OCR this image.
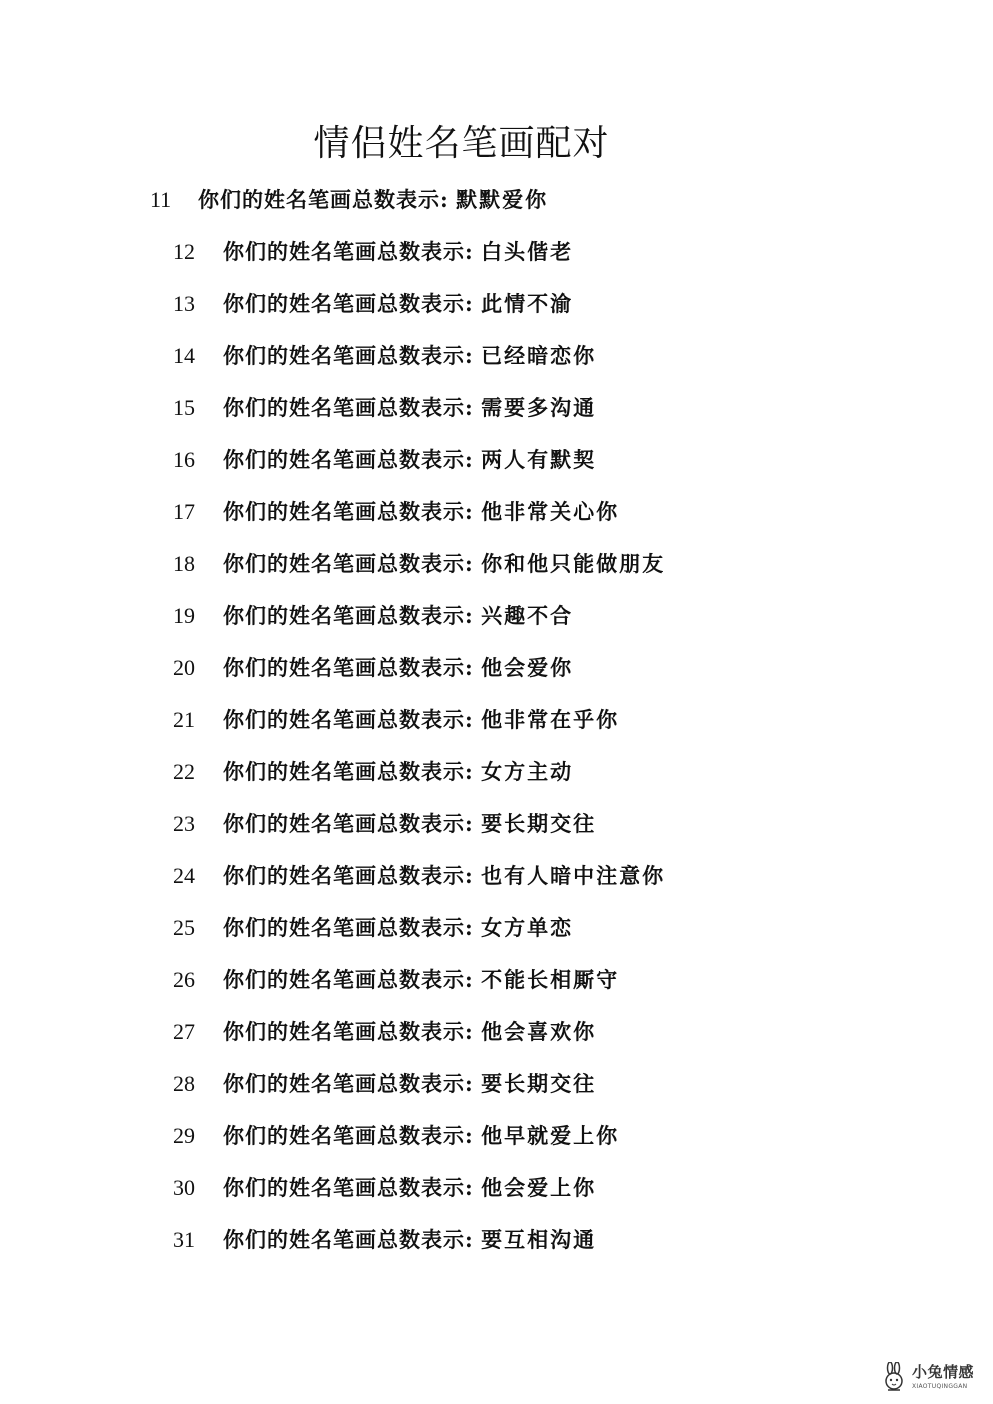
情侣姓名笔画配对
11 你们的姓名笔画总数表示: 默默爱你
12 你们的姓名笔画总数表示: 白头偕老
13 你们的姓名笔画总数表示: 此情不渝
14 你们的姓名笔画总数表示: 已经暗恋你
15 你们的姓名笔画总数表示: 需要多沟通
16 你们的姓名笔画总数表示: 两人有默契
17 你们的姓名笔画总数表示: 他非常关心你
18 你们的姓名笔画总数表示: 你和他只能做朋友
19 你们的姓名笔画总数表示: 兴趣不合
20 你们的姓名笔画总数表示: 他会爱你
21 你们的姓名笔画总数表示: 他非常在乎你
22 你们的姓名笔画总数表示: 女方主动
23 你们的姓名笔画总数表示: 要长期交往
24 你们的姓名笔画总数表示: 也有人暗中注意你
25 你们的姓名笔画总数表示: 女方单恋
26 你们的姓名笔画总数表示: 不能长相厮守
27 你们的姓名笔画总数表示: 他会喜欢你
28 你们的姓名笔画总数表示: 要长期交往
29 你们的姓名笔画总数表示: 他早就爱上你
30 你们的姓名笔画总数表示: 他会爱上你
31 你们的姓名笔画总数表示: 要互相沟通
小兔情感
XIAOTUQINGGAN
